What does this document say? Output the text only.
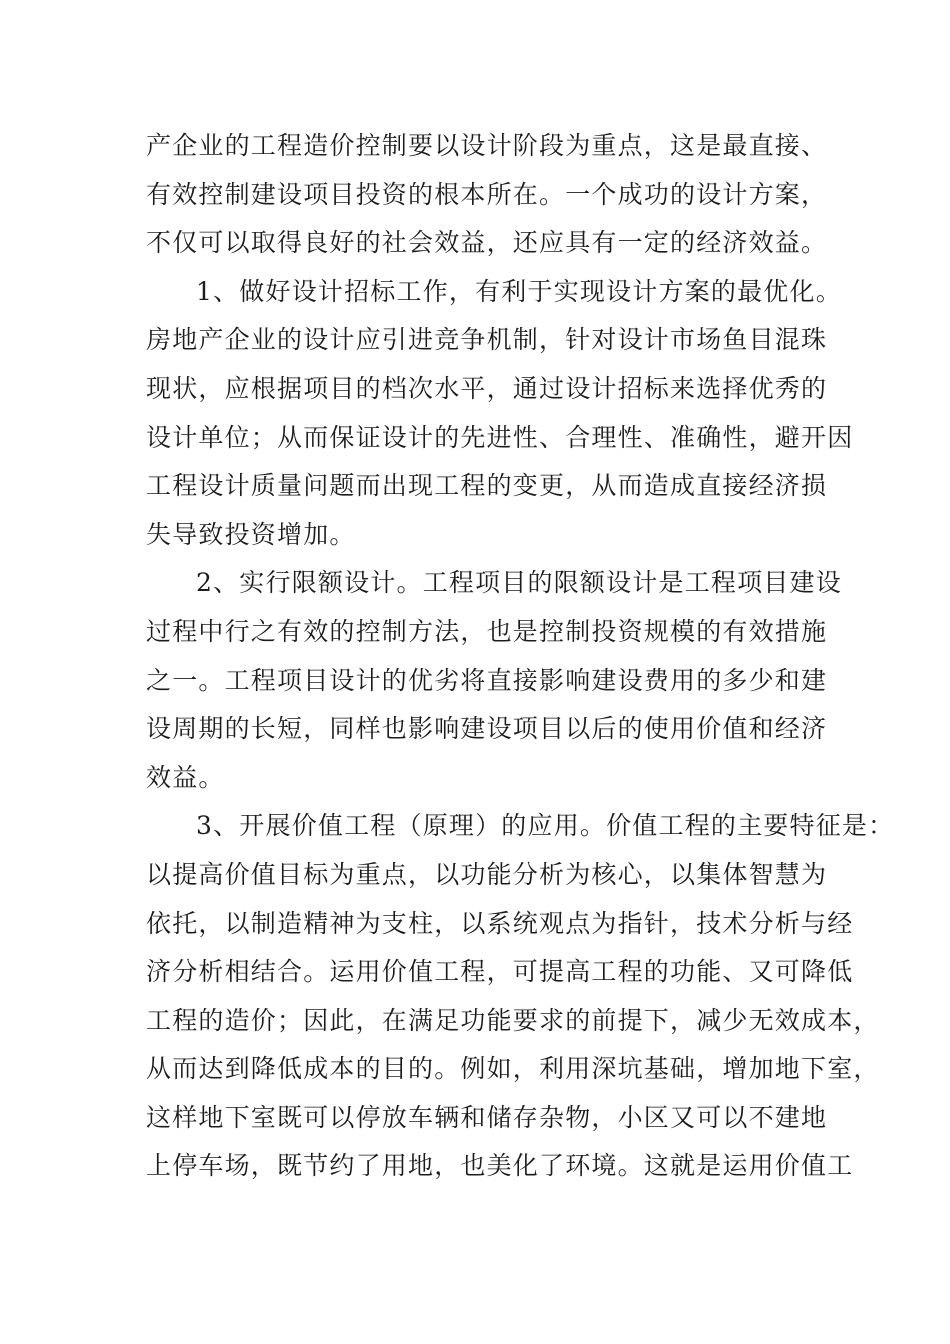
产企业的工程造价控制要以设计阶段为重点，这是最直接、
有效控制建设项目投资的根本所在。一个成功的设计方案，
不仅可以取得良好的社会效益，还应具有一定的经济效益。
1、做好设计招标工作，有利于实现设计方案的最优化。
房地产企业的设计应引进竞争机制，针对设计市场鱼目混珠
现状，应根据项目的档次水平，通过设计招标来选择优秀的
设计单位；从而保证设计的先进性、合理性、准确性，避开因
工程设计质量问题而出现工程的变更，从而造成直接经济损
失导致投资增加。
2、实行限额设计。工程项目的限额设计是工程项目建设
过程中行之有效的控制方法，也是控制投资规模的有效措施
之一。工程项目设计的优劣将直接影响建设费用的多少和建
设周期的长短，同样也影响建设项目以后的使用价值和经济
效益。
3、开展价值工程（原理）的应用。价值工程的主要特征是：
以提高价值目标为重点，以功能分析为核心，以集体智慧为
依托，以制造精神为支柱，以系统观点为指针，技术分析与经
济分析相结合。运用价值工程，可提高工程的功能、又可降低
工程的造价；因此，在满足功能要求的前提下，减少无效成本，
从而达到降低成本的目的。例如，利用深坑基础，增加地下室，
这样地下室既可以停放车辆和储存杂物，小区又可以不建地
上停车场，既节约了用地，也美化了环境。这就是运用价值工
